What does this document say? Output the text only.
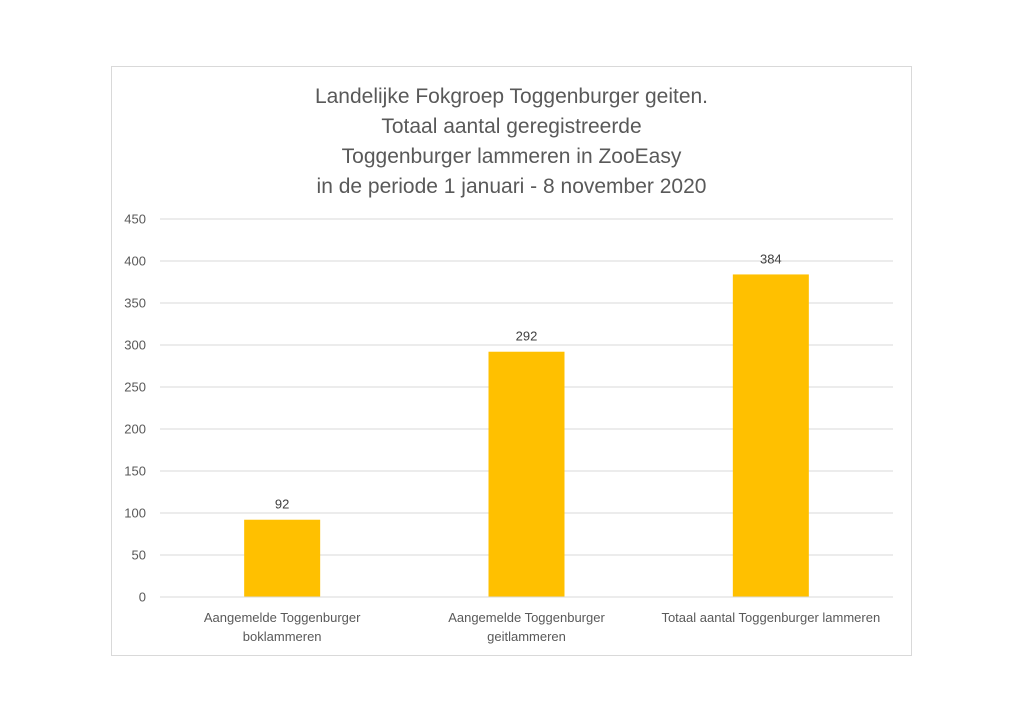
Landelijke Fokgroep Toggenburger geiten.
Totaal aantal geregistreerde
Toggenburger lammeren in ZooEasy
in de periode 1 januari - 8 november 2020
0
50
100
150
200
250
300
350
400
450
92
Aangemelde Toggenburger
boklammeren
292
Aangemelde Toggenburger
geitlammeren
384
Totaal aantal Toggenburger lammeren
